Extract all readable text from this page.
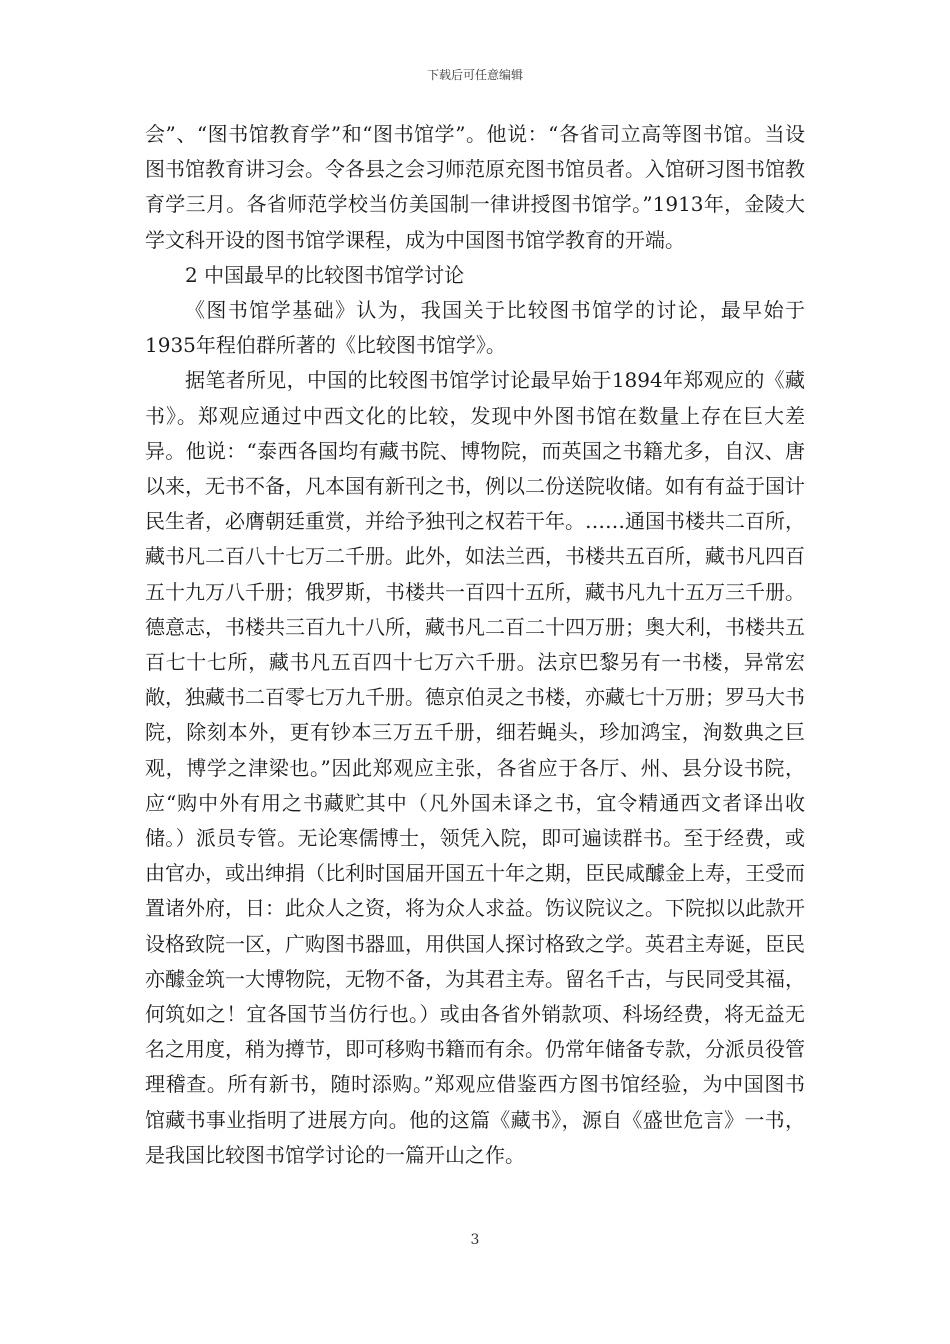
下载后可任意编辑

会”、“图书馆教育学”和“图书馆学”。他说：“各省司立高等图书馆。当设图书馆教育讲习会。令各县之会习师范原充图书馆员者。入馆研习图书馆教育学三月。各省师范学校当仿美国制一律讲授图书馆学。”1913年，金陵大学文科开设的图书馆学课程，成为中国图书馆学教育的开端。

2 中国最早的比较图书馆学讨论

《图书馆学基础》认为，我国关于比较图书馆学的讨论，最早始于1935年程伯群所著的《比较图书馆学》。

据笔者所见，中国的比较图书馆学讨论最早始于1894年郑观应的《藏书》。郑观应通过中西文化的比较，发现中外图书馆在数量上存在巨大差异。他说：“泰西各国均有藏书院、博物院，而英国之书籍尤多，自汉、唐以来，无书不备，凡本国有新刊之书，例以二份送院收储。如有有益于国计民生者，必膺朝廷重赏，并给予独刊之权若干年。……通国书楼共二百所，藏书凡二百八十七万二千册。此外，如法兰西，书楼共五百所，藏书凡四百五十九万八千册；俄罗斯，书楼共一百四十五所，藏书凡九十五万三千册。德意志，书楼共三百九十八所，藏书凡二百二十四万册；奥大利，书楼共五百七十七所，藏书凡五百四十七万六千册。法京巴黎另有一书楼，异常宏敞，独藏书二百零七万九千册。德京伯灵之书楼，亦藏七十万册；罗马大书院，除刻本外，更有钞本三万五千册，细若蝇头，珍加鸿宝，洵数典之巨观，博学之津梁也。”因此郑观应主张，各省应于各厅、州、县分设书院，应“购中外有用之书藏贮其中（凡外国未译之书，宜令精通西文者译出收储。）派员专管。无论寒儒博士，领凭入院，即可遍读群书。至于经费，或由官办，或出绅捐（比利时国届开国五十年之期，臣民咸醵金上寿，王受而置诸外府，日：此众人之资，将为众人求益。饬议院议之。下院拟以此款开设格致院一区，广购图书器皿，用供国人探讨格致之学。英君主寿诞，臣民亦醵金筑一大博物院，无物不备，为其君主寿。留名千古，与民同受其福，何筑如之！宜各国节当仿行也。）或由各省外销款项、科场经费，将无益无名之用度，稍为撙节，即可移购书籍而有余。仍常年储备专款，分派员役管理稽查。所有新书，随时添购。”郑观应借鉴西方图书馆经验，为中国图书馆藏书事业指明了进展方向。他的这篇《藏书》，源自《盛世危言》一书，是我国比较图书馆学讨论的一篇开山之作。

3
